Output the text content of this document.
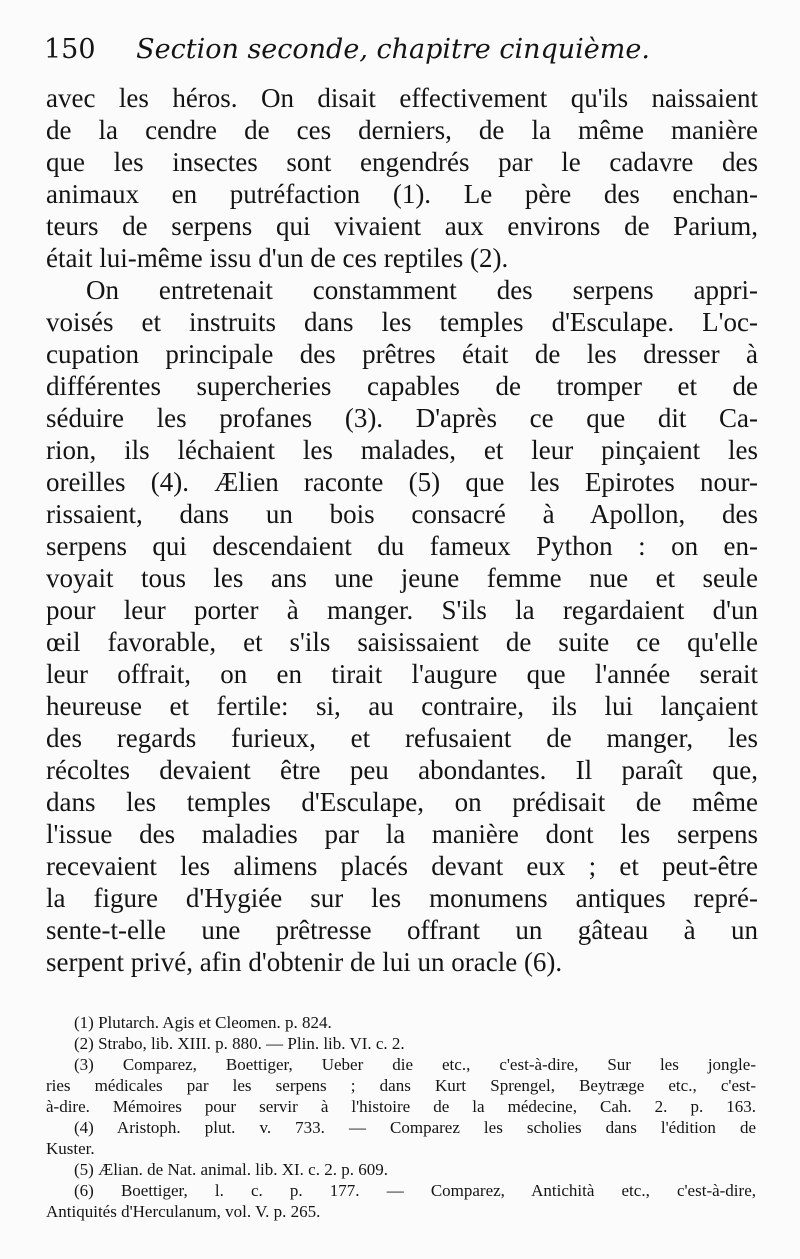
150 Section seconde, chapitre cinquième.
avec les héros. On disait effectivement qu'ils naissaient
de la cendre de ces derniers, de la même manière
que les insectes sont engendrés par le cadavre des
animaux en putréfaction (1). Le père des enchan-
teurs de serpens qui vivaient aux environs de Parium,
était lui-même issu d'un de ces reptiles (2).
On entretenait constamment des serpens appri-
voisés et instruits dans les temples d'Esculape. L'oc-
cupation principale des prêtres était de les dresser à
différentes supercheries capables de tromper et de
séduire les profanes (3). D'après ce que dit Ca-
rion, ils léchaient les malades, et leur pinçaient les
oreilles (4). Ælien raconte (5) que les Epirotes nour-
rissaient, dans un bois consacré à Apollon, des
serpens qui descendaient du fameux Python : on en-
voyait tous les ans une jeune femme nue et seule
pour leur porter à manger. S'ils la regardaient d'un
œil favorable, et s'ils saisissaient de suite ce qu'elle
leur offrait, on en tirait l'augure que l'année serait
heureuse et fertile: si, au contraire, ils lui lançaient
des regards furieux, et refusaient de manger, les
récoltes devaient être peu abondantes. Il paraît que,
dans les temples d'Esculape, on prédisait de même
l'issue des maladies par la manière dont les serpens
recevaient les alimens placés devant eux ; et peut-être
la figure d'Hygiée sur les monumens antiques repré-
sente-t-elle une prêtresse offrant un gâteau à un
serpent privé, afin d'obtenir de lui un oracle (6).
(1) Plutarch. Agis et Cleomen. p. 824.
(2) Strabo, lib. XIII. p. 880. — Plin. lib. VI. c. 2.
(3) Comparez, Boettiger, Ueber die etc., c'est-à-dire, Sur les jongle-
ries médicales par les serpens ; dans Kurt Sprengel, Beytræge etc., c'est-
à-dire. Mémoires pour servir à l'histoire de la médecine, Cah. 2. p. 163.
(4) Aristoph. plut. v. 733. — Comparez les scholies dans l'édition de
Kuster.
(5) Ælian. de Nat. animal. lib. XI. c. 2. p. 609.
(6) Boettiger, l. c. p. 177. — Comparez, Antichità etc., c'est-à-dire,
Antiquités d'Herculanum, vol. V. p. 265.
